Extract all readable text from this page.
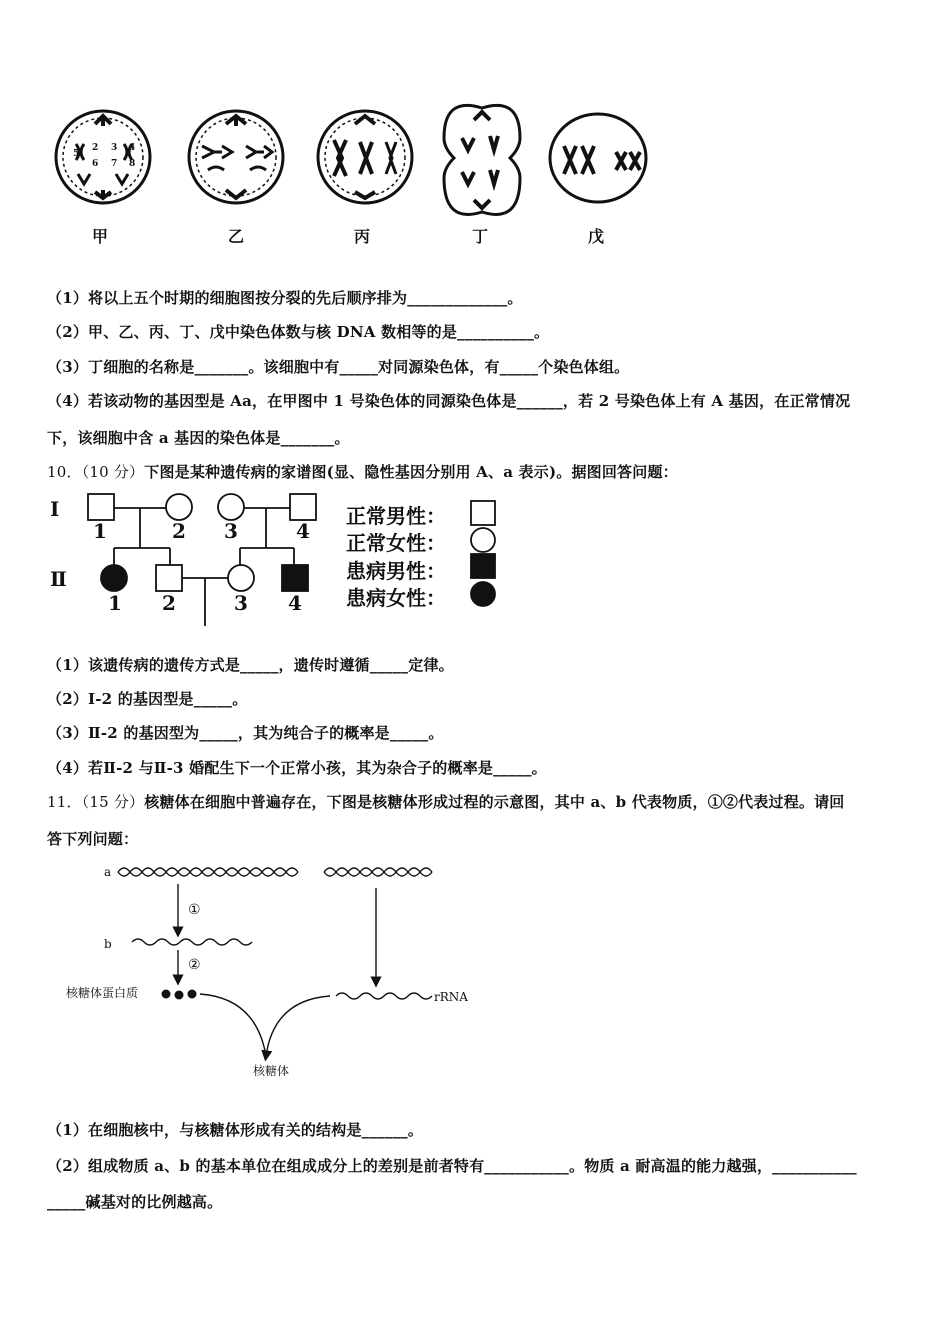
5
2
6
3
7
4
8
甲	乙	丙	丁	戊
（1）将以上五个时期的细胞图按分裂的先后顺序排为_____________。
（2）甲、乙、丙、丁、戊中染色体数与核 DNA 数相等的是__________。
（3）丁细胞的名称是_______。该细胞中有_____对同源染色体，有_____个染色体组。
（4）若该动物的基因型是 Aa，在甲图中 1 号染色体的同源染色体是______，若 2 号染色体上有 A 基因，在正常情况
下，该细胞中含 a 基因的染色体是_______。
10．（10 分）下图是某种遗传病的家谱图(显、隐性基因分别用 A、a 表示)。据图回答问题：
Ⅰ
Ⅱ
1	2 3	4
1 2	3 4
正常男性：
正常女性：
患病男性：
患病女性：
（1）该遗传病的遗传方式是_____，遗传时遵循_____定律。
（2）Ⅰ-2 的基因型是_____。
（3）Ⅱ-2 的基因型为_____，其为纯合子的概率是_____。
（4）若Ⅱ-2 与Ⅱ-3 婚配生下一个正常小孩，其为杂合子的概率是_____。
11．（15 分）核糖体在细胞中普遍存在，下图是核糖体形成过程的示意图，其中 a、b 代表物质，①②代表过程。请回
答下列问题：
a
b
①
②
核糖体蛋白质	rRNA
核糖体
（1）在细胞核中，与核糖体形成有关的结构是______。
（2）组成物质 a、b 的基本单位在组成成分上的差别是前者特有___________。物质 a 耐高温的能力越强，___________
_____碱基对的比例越高。
